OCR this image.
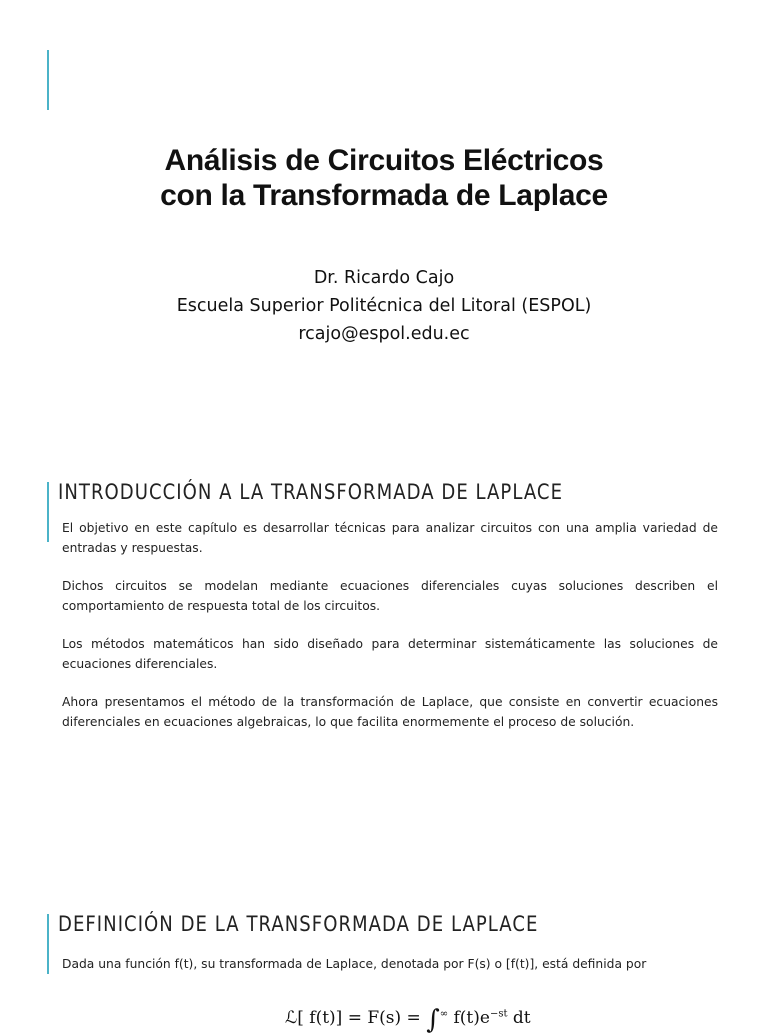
Análisis de Circuitos Eléctricos
con la Transformada de Laplace
Dr. Ricardo Cajo
Escuela Superior Politécnica del Litoral (ESPOL)
rcajo@espol.edu.ec
INTRODUCCIÓN A LA TRANSFORMADA DE LAPLACE

El objetivo en este capítulo es desarrollar técnicas para analizar circuitos con una amplia variedad de entradas y respuestas.

Dichos circuitos se modelan mediante ecuaciones diferenciales cuyas soluciones describen el comportamiento de respuesta total de los circuitos.

Los métodos matemáticos han sido diseñado para determinar sistemáticamente las soluciones de ecuaciones diferenciales.

Ahora presentamos el método de la transformación de Laplace, que consiste en convertir ecuaciones diferenciales en ecuaciones algebraicas, lo que facilita enormemente el proceso de solución.

DEFINICIÓN DE LA TRANSFORMADA DE LAPLACE

Dada una función f(t), su transformada de Laplace, denotada por F(s) o [f(t)], está definida por

ℒ[ f(t)] = F(s) = ∫∞ $f(t)e^{-st}$ dt
